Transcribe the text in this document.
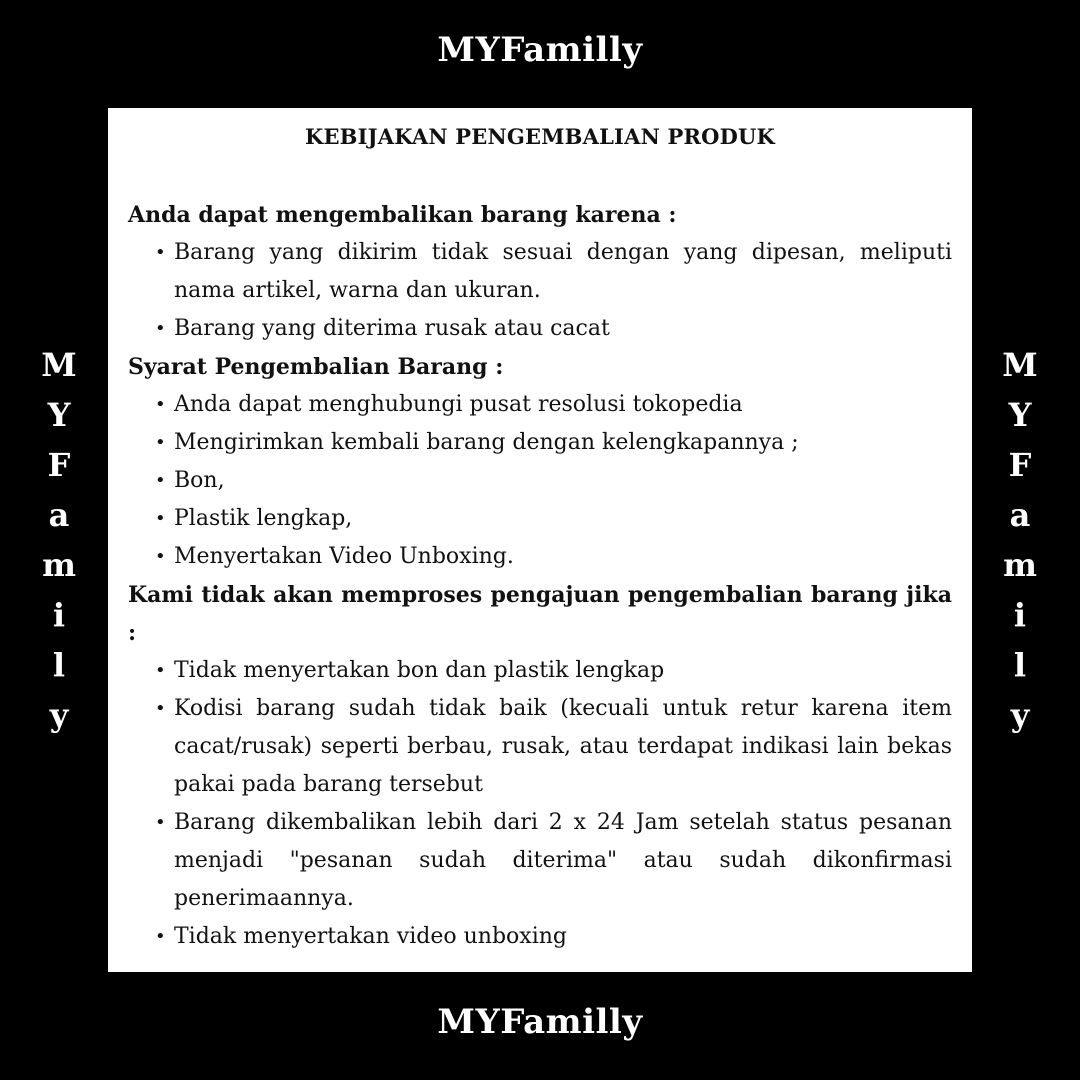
MYFamilly
M
Y
F
a
m
i
l
y
M
Y
F
a
m
i
l
y
KEBIJAKAN PENGEMBALIAN PRODUK
Anda dapat mengembalikan barang karena :
• Barang yang dikirim tidak sesuai dengan yang dipesan, meliputi nama artikel, warna dan ukuran.
• Barang yang diterima rusak atau cacat
Syarat Pengembalian Barang :
• Anda dapat menghubungi pusat resolusi tokopedia
• Mengirimkan kembali barang dengan kelengkapannya ;
• Bon,
• Plastik lengkap,
• Menyertakan Video Unboxing.
Kami tidak akan memproses pengajuan pengembalian barang jika :
• Tidak menyertakan bon dan plastik lengkap
• Kodisi barang sudah tidak baik (kecuali untuk retur karena item cacat/rusak) seperti berbau, rusak, atau terdapat indikasi lain bekas pakai pada barang tersebut
• Barang dikembalikan lebih dari 2 x 24 Jam setelah status pesanan menjadi "pesanan sudah diterima" atau sudah dikonfirmasi penerimaannya.
• Tidak menyertakan video unboxing
MYFamilly
